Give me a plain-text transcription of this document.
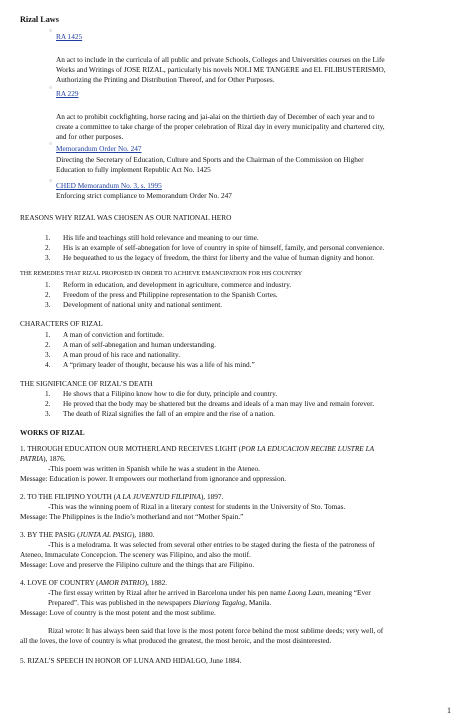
Rizal Laws
○
RA 1425
An act to include in the curricula of all public and private Schools, Colleges and Universities courses on the Life
Works and Writings of JOSE RIZAL, particularly his novels NOLI ME TANGERE and EL FILIBUSTERISMO,
Authorizing the Printing and Distribution Thereof, and for Other Purposes.
○
RA 229
An act to prohibit cockfighting, horse racing and jai-alai on the thirtieth day of December of each year and to
create a committee to take charge of the proper celebration of Rizal day in every municipality and chartered city,
and for other purposes.
○ Memorandum Order No. 247
Directing the Secretary of Education, Culture and Sports and the Chairman of the Commission on Higher
Education to fully implement Republic Act No. 1425
○ CHED Memorandum No. 3, s. 1995
Enforcing strict compliance to Memorandum Order No. 247
REASONS WHY RIZAL WAS CHOSEN AS OUR NATIONAL HERO
1. His life and teachings still hold relevance and meaning to our time.
2. His is an example of self-abnegation for love of country in spite of himself, family, and personal convenience.
3. He bequeathed to us the legacy of freedom, the thirst for liberty and the value of human dignity and honor.
THE REMEDIES THAT RIZAL PROPOSED IN ORDER TO ACHIEVE EMANCIPATION FOR HIS COUNTRY
1. Reform in education, and development in agriculture, commerce and industry.
2. Freedom of the press and Philippine representation to the Spanish Cortes.
3. Development of national unity and national sentiment.
CHARACTERS OF RIZAL
1. A man of conviction and fortitude.
2. A man of self-abnegation and human understanding.
3. A man proud of his race and nationality.
4. A “primary leader of thought, because his was a life of his mind.”
THE SIGNIFICANCE OF RIZAL’S DEATH
1. He shows that a Filipino know how to die for duty, principle and country.
2. He proved that the body may be shattered but the dreams and ideals of a man may live and remain forever.
3. The death of Rizal signifies the fall of an empire and the rise of a nation.
WORKS OF RIZAL
1. THROUGH EDUCATION OUR MOTHERLAND RECEIVES LIGHT (POR LA EDUCACION RECIBE LUSTRE LA
PATRIA), 1876.
-This poem was written in Spanish while he was a student in the Ateneo.
Message: Education is power. It empowers our motherland from ignorance and oppression.
2. TO THE FILIPINO YOUTH (A LA JUVENTUD FILIPINA), 1897.
-This was the winning poem of Rizal in a literary contest for students in the University of Sto. Tomas.
Message: The Philippines is the Indio’s motherland and not “Mother Spain.”
3. BY THE PASIG (JUNTA AL PASIG), 1880.
-This is a melodrama. It was selected from several other entries to be staged during the fiesta of the patroness of
Ateneo, Immaculate Concepcion. The scenery was Filipino, and also the motif.
Message: Love and preserve the Filipino culture and the things that are Filipino.
4. LOVE OF COUNTRY (AMOR PATRIO), 1882.
-The first essay written by Rizal after he arrived in Barcelona under his pen name Laong Laan, meaning “Ever
Prepared”. This was published in the newspapers Diariong Tagalog, Manila.
Message: Love of country is the most potent and the most sublime.
Rizal wrote: It has always been said that love is the most potent force behind the most sublime deeds; very well, of
all the loves, the love of country is what produced the greatest, the most heroic, and the most disinterested.
5. RIZAL’S SPEECH IN HONOR OF LUNA AND HIDALGO, June 1884.
1
